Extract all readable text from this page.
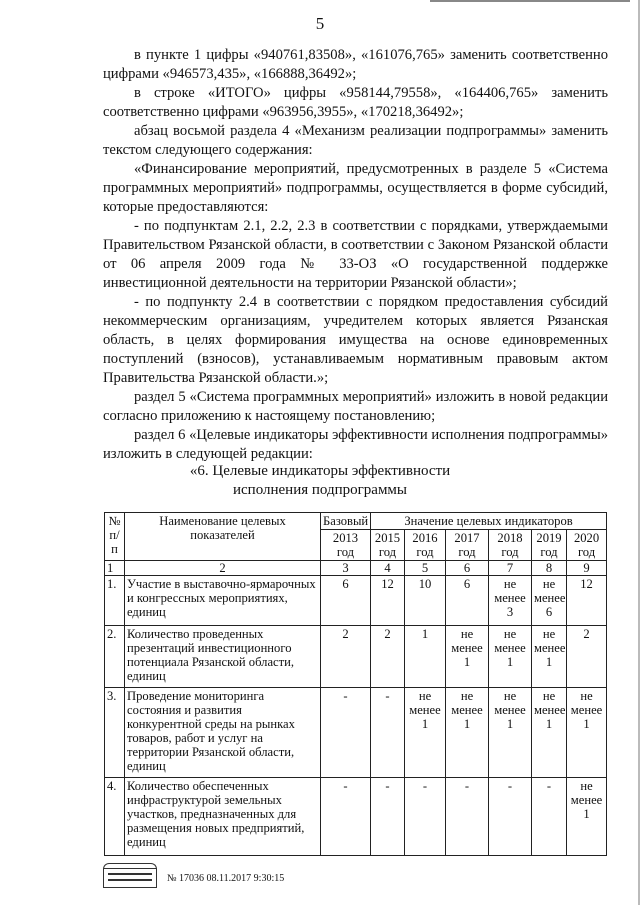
5

в пункте 1 цифры «940761,83508», «161076,765» заменить соответственно цифрами «946573,435», «166888,36492»;

в строке «ИТОГО» цифры «958144,79558», «164406,765» заменить соответственно цифрами «963956,3955», «170218,36492»;

абзац восьмой раздела 4 «Механизм реализации подпрограммы» заменить текстом следующего содержания:

«Финансирование мероприятий, предусмотренных в разделе 5 «Система программных мероприятий» подпрограммы, осуществляется в форме субсидий, которые предоставляются:

- по подпунктам 2.1, 2.2, 2.3 в соответствии с порядками, утверждаемыми Правительством Рязанской области, в соответствии с Законом Рязанской области от 06 апреля 2009 года № 33-ОЗ «О государственной поддержке инвестиционной деятельности на территории Рязанской области»;

- по подпункту 2.4 в соответствии с порядком предоставления субсидий некоммерческим организациям, учредителем которых является Рязанская область, в целях формирования имущества на основе единовременных поступлений (взносов), устанавливаемым нормативным правовым актом Правительства Рязанской области.»;

раздел 5 «Система программных мероприятий» изложить в новой редакции согласно приложению к настоящему постановлению;

раздел 6 «Целевые индикаторы эффективности исполнения подпрограммы» изложить в следующей редакции:

«6. Целевые индикаторы эффективности
исполнения подпрограммы
№ п/п	Наименование целевых показателей	Базовый	Значение целевых индикаторов					
		2013 год	2015 год	2016 год	2017 год	2018 год	2019 год	2020 год
1	2	3	4	5	6	7	8	9
1.	Участие в выставочно-ярмарочных и конгрессных мероприятиях, единиц	6	12	10	6	не менее 3	не менее 6	12
2.	Количество проведенных презентаций инвестиционного потенциала Рязанской области, единиц	2	2	1	не менее 1	не менее 1	не менее 1	2
3.	Проведение мониторинга состояния и развития конкурентной среды на рынках товаров, работ и услуг на территории Рязанской области, единиц	-	-	не менее 1	не менее 1	не менее 1	не менее 1	не менее 1
4.	Количество обеспеченных инфраструктурой земельных участков, предназначенных для размещения новых предприятий, единиц	-	-	-	-	-	-	не менее 1
№ 17036 08.11.2017 9:30:15
